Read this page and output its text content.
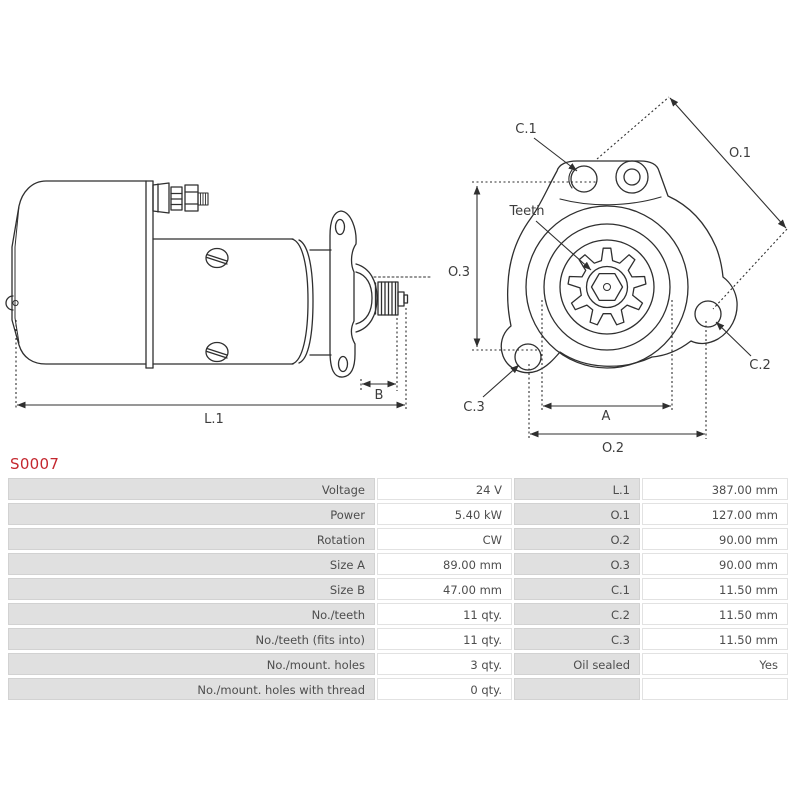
B
L.1
C.1
O.1
Teeth
O.3
C.3
C.2
A
O.2
S0007
Voltage	24 V	L.1	387.00 mm
Power	5.40 kW	O.1	127.00 mm
Rotation	CW	O.2	90.00 mm
Size A	89.00 mm	O.3	90.00 mm
Size B	47.00 mm	C.1	11.50 mm
No./teeth	11 qty.	C.2	11.50 mm
No./teeth (fits into)	11 qty.	C.3	11.50 mm
No./mount. holes	3 qty.	Oil sealed	Yes
No./mount. holes with thread	0 qty.
